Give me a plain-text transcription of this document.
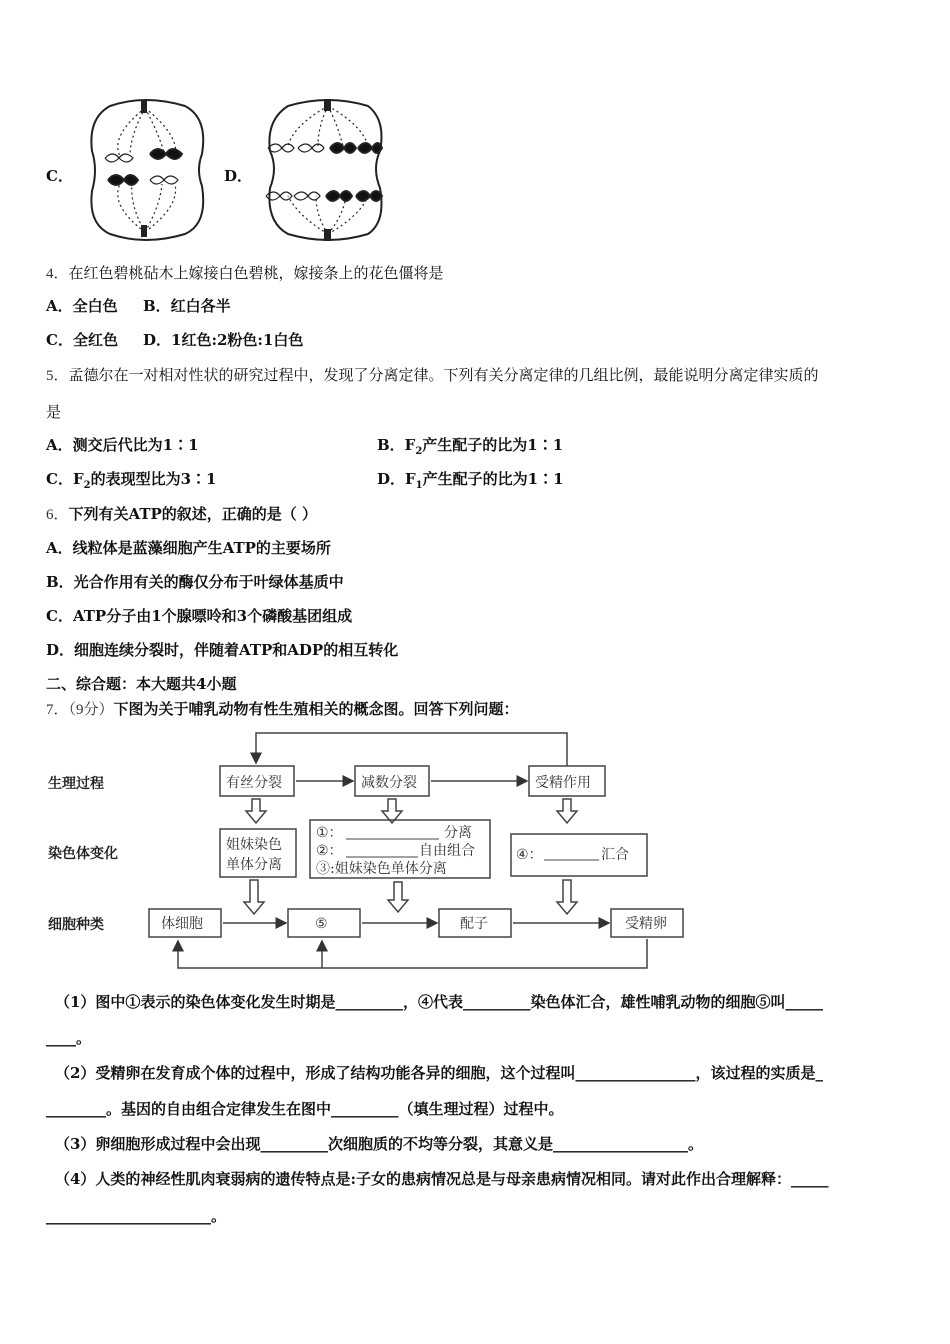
C．	D．
4．在红色碧桃砧木上嫁接白色碧桃，嫁接条上的花色僵将是
A．全白色 B．红白各半
C．全红色 D．1红色:2粉色:1白色
5．孟德尔在一对相对性状的研究过程中，发现了分离定律。下列有关分离定律的几组比例，最能说明分离定律实质的
是
A．测交后代比为1∶1	B．$F_2$产生配子的比为1∶1
C．$F_2$的表现型比为3∶1	D．$F_1$产生配子的比为1∶1
6．下列有关ATP的叙述，正确的是（ ）
A．线粒体是蓝藻细胞产生ATP的主要场所
B．光合作用有关的酶仅分布于叶绿体基质中
C．ATP分子由1个腺嘌呤和3个磷酸基团组成
D．细胞连续分裂时，伴随着ATP和ADP的相互转化
二、综合题：本大题共4小题
7．（9分）下图为关于哺乳动物有性生殖相关的概念图。回答下列问题：
生理过程
染色体变化
细胞种类
有丝分裂	减数分裂	受精作用
姐妹染色
单体分离
①：	分离
②：	自由组合
③:姐妹染色单体分离
④：	汇合
体细胞	⑤	配子	受精卵
（1）图中①表示的染色体变化发生时期是_________，④代表_________染色体汇合，雄性哺乳动物的细胞⑤叫_____
____。
（2）受精卵在发育成个体的过程中，形成了结构功能各异的细胞，这个过程叫________________，该过程的实质是_
________。基因的自由组合定律发生在图中_________（填生理过程）过程中。
（3）卵细胞形成过程中会出现_________次细胞质的不均等分裂，其意义是__________________。
（4）人类的神经性肌肉衰弱病的遗传特点是:子女的患病情况总是与母亲患病情况相同。请对此作出合理解释：_____
______________________。
